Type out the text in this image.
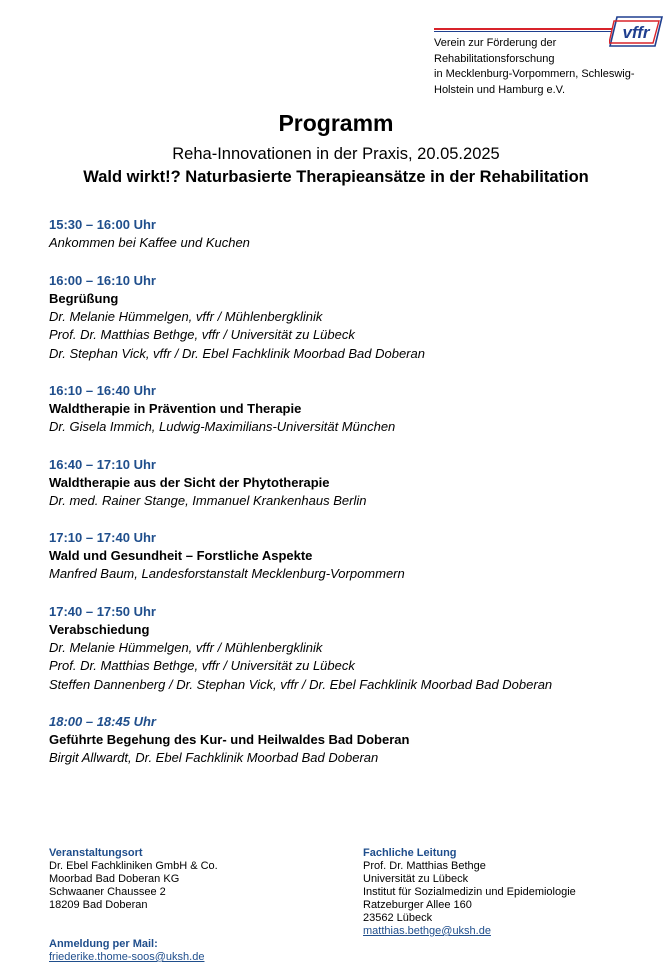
vffr
Verein zur Förderung der
Rehabilitationsforschung
in Mecklenburg-Vorpommern, Schleswig-
Holstein und Hamburg e.V.
Programm
Reha-Innovationen in der Praxis, 20.05.2025
Wald wirkt!? Naturbasierte Therapieansätze in der Rehabilitation
15:30 – 16:00 Uhr
Ankommen bei Kaffee und Kuchen
16:00 – 16:10 Uhr
Begrüßung
Dr. Melanie Hümmelgen, vffr / Mühlenbergklinik
Prof. Dr. Matthias Bethge, vffr / Universität zu Lübeck
Dr. Stephan Vick, vffr / Dr. Ebel Fachklinik Moorbad Bad Doberan
16:10 – 16:40 Uhr
Waldtherapie in Prävention und Therapie
Dr. Gisela Immich, Ludwig-Maximilians-Universität München
16:40 – 17:10 Uhr
Waldtherapie aus der Sicht der Phytotherapie
Dr. med. Rainer Stange, Immanuel Krankenhaus Berlin
17:10 – 17:40 Uhr
Wald und Gesundheit – Forstliche Aspekte
Manfred Baum, Landesforstanstalt Mecklenburg-Vorpommern
17:40 – 17:50 Uhr
Verabschiedung
Dr. Melanie Hümmelgen, vffr / Mühlenbergklinik
Prof. Dr. Matthias Bethge, vffr / Universität zu Lübeck
Steffen Dannenberg / Dr. Stephan Vick, vffr / Dr. Ebel Fachklinik Moorbad Bad Doberan
18:00 – 18:45 Uhr
Geführte Begehung des Kur- und Heilwaldes Bad Doberan
Birgit Allwardt, Dr. Ebel Fachklinik Moorbad Bad Doberan
Veranstaltungsort
Dr. Ebel Fachkliniken GmbH & Co.
Moorbad Bad Doberan KG
Schwaaner Chaussee 2
18209 Bad Doberan
Anmeldung per Mail:
friederike.thome-soos@uksh.de
Fachliche Leitung
Prof. Dr. Matthias Bethge
Universität zu Lübeck
Institut für Sozialmedizin und Epidemiologie
Ratzeburger Allee 160
23562 Lübeck
matthias.bethge@uksh.de
